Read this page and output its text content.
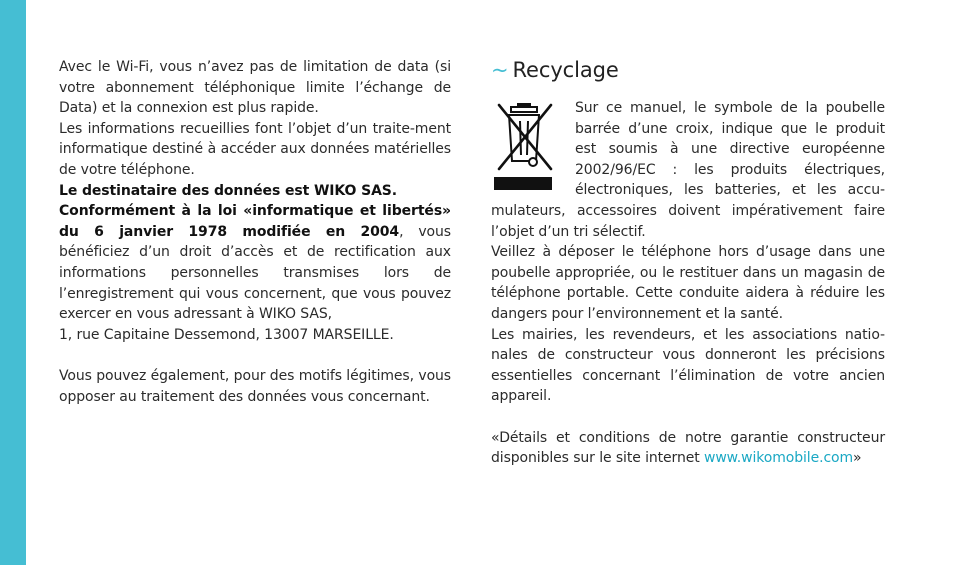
Avec le Wi-Fi, vous n’avez pas de limitation de data (si votre abonnement téléphonique limite l’échange de Data) et la connexion est plus rapide.

Les informations recueillies font l’objet d’un traite-ment informatique destiné à accéder aux données matérielles de votre téléphone.

Le destinataire des données est WIKO SAS.

Conformément à la loi «informatique et libertés» du 6 janvier 1978 modifiée en 2004, vous bénéficiez d’un droit d’accès et de rectification aux informations personnelles transmises lors de l’enregistrement qui vous concernent, que vous pouvez exercer en vous adressant à WIKO SAS,

1, rue Capitaine Dessemond, 13007 MARSEILLE.

Vous pouvez également, pour des motifs légitimes, vous opposer au traitement des données vous concernant.

~ Recyclage

Sur ce manuel, le symbole de la poubelle barrée d’une croix, indique que le produit est soumis à une directive européenne 2002/96/EC : les produits électriques, électroniques, les batteries, et les accu-mulateurs, accessoires doivent impérativement faire l’objet d’un tri sélectif.

Veillez à déposer le téléphone hors d’usage dans une poubelle appropriée, ou le restituer dans un magasin de téléphone portable. Cette conduite aidera à réduire les dangers pour l’environnement et la santé.

Les mairies, les revendeurs, et les associations natio-nales de constructeur vous donneront les précisions essentielles concernant l’élimination de votre ancien appareil.

«Détails et conditions de notre garantie constructeur disponibles sur le site internet www.wikomobile.com»
